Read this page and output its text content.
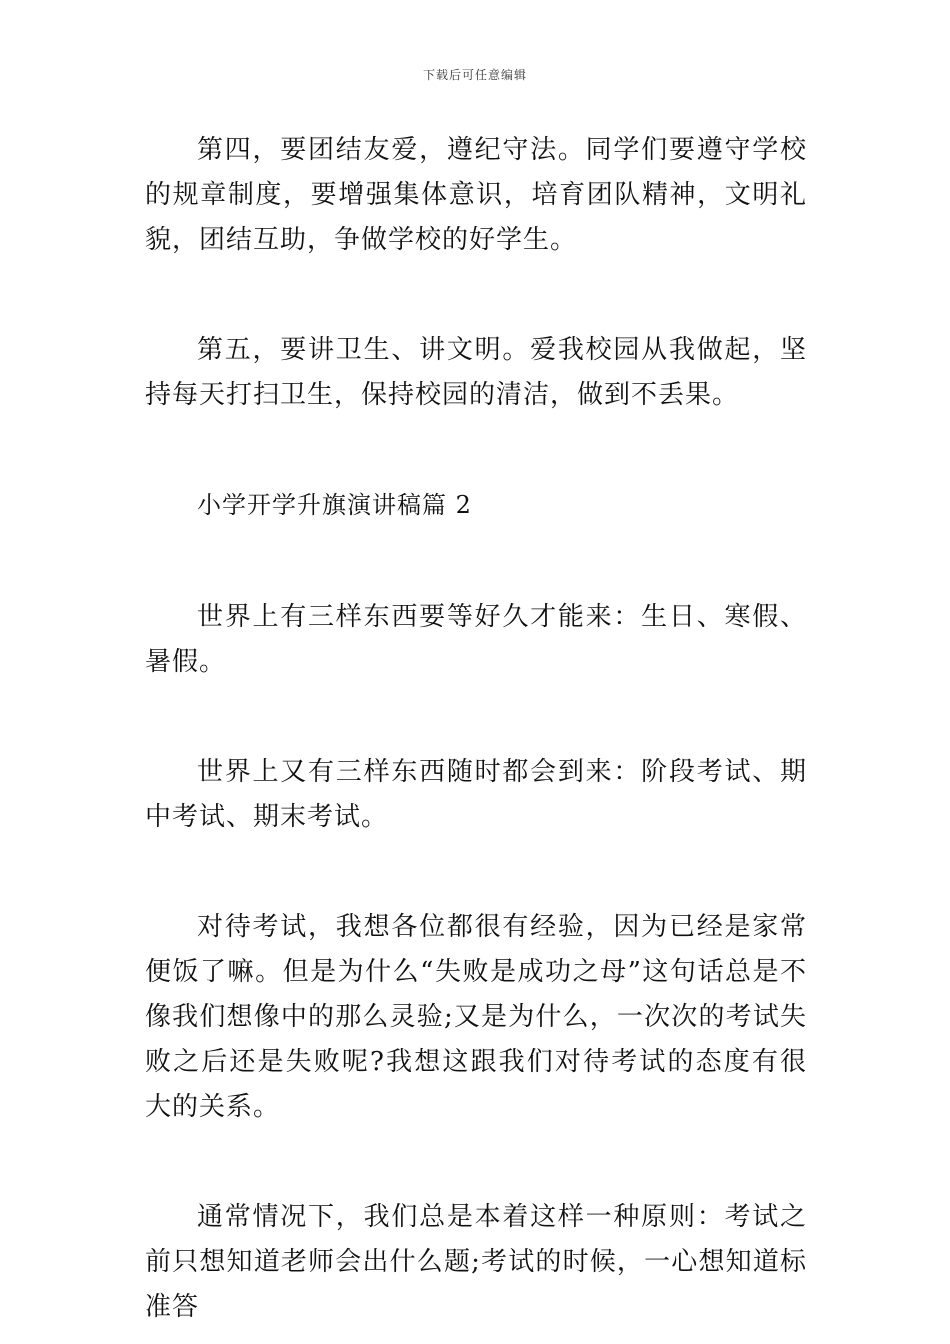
下载后可任意编辑

第四，要团结友爱，遵纪守法。同学们要遵守学校的规章制度，要增强集体意识，培育团队精神，文明礼貌，团结互助，争做学校的好学生。

第五，要讲卫生、讲文明。爱我校园从我做起，坚持每天打扫卫生，保持校园的清洁，做到不丢果。

小学开学升旗演讲稿篇 2

世界上有三样东西要等好久才能来：生日、寒假、暑假。

世界上又有三样东西随时都会到来：阶段考试、期中考试、期末考试。

对待考试，我想各位都很有经验，因为已经是家常便饭了嘛。但是为什么“失败是成功之母”这句话总是不像我们想像中的那么灵验;又是为什么，一次次的考试失败之后还是失败呢?我想这跟我们对待考试的态度有很大的关系。

通常情况下，我们总是本着这样一种原则：考试之前只想知道老师会出什么题;考试的时候，一心想知道标准答
